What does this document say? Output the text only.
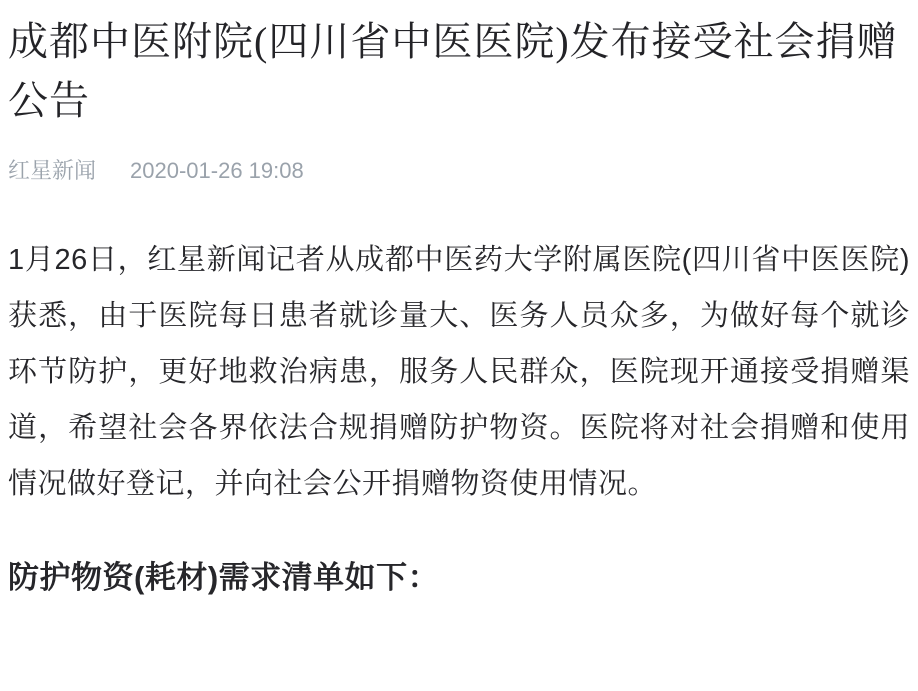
成都中医附院(四川省中医医院)发布接受社会捐赠公告
红星新闻 2020-01-26 19:08

1月26日，红星新闻记者从成都中医药大学附属医院(四川省中医医院)获悉，由于医院每日患者就诊量大、医务人员众多，为做好每个就诊环节防护，更好地救治病患，服务人民群众，医院现开通接受捐赠渠道，希望社会各界依法合规捐赠防护物资。医院将对社会捐赠和使用情况做好登记，并向社会公开捐赠物资使用情况。

防护物资(耗材)需求清单如下：
